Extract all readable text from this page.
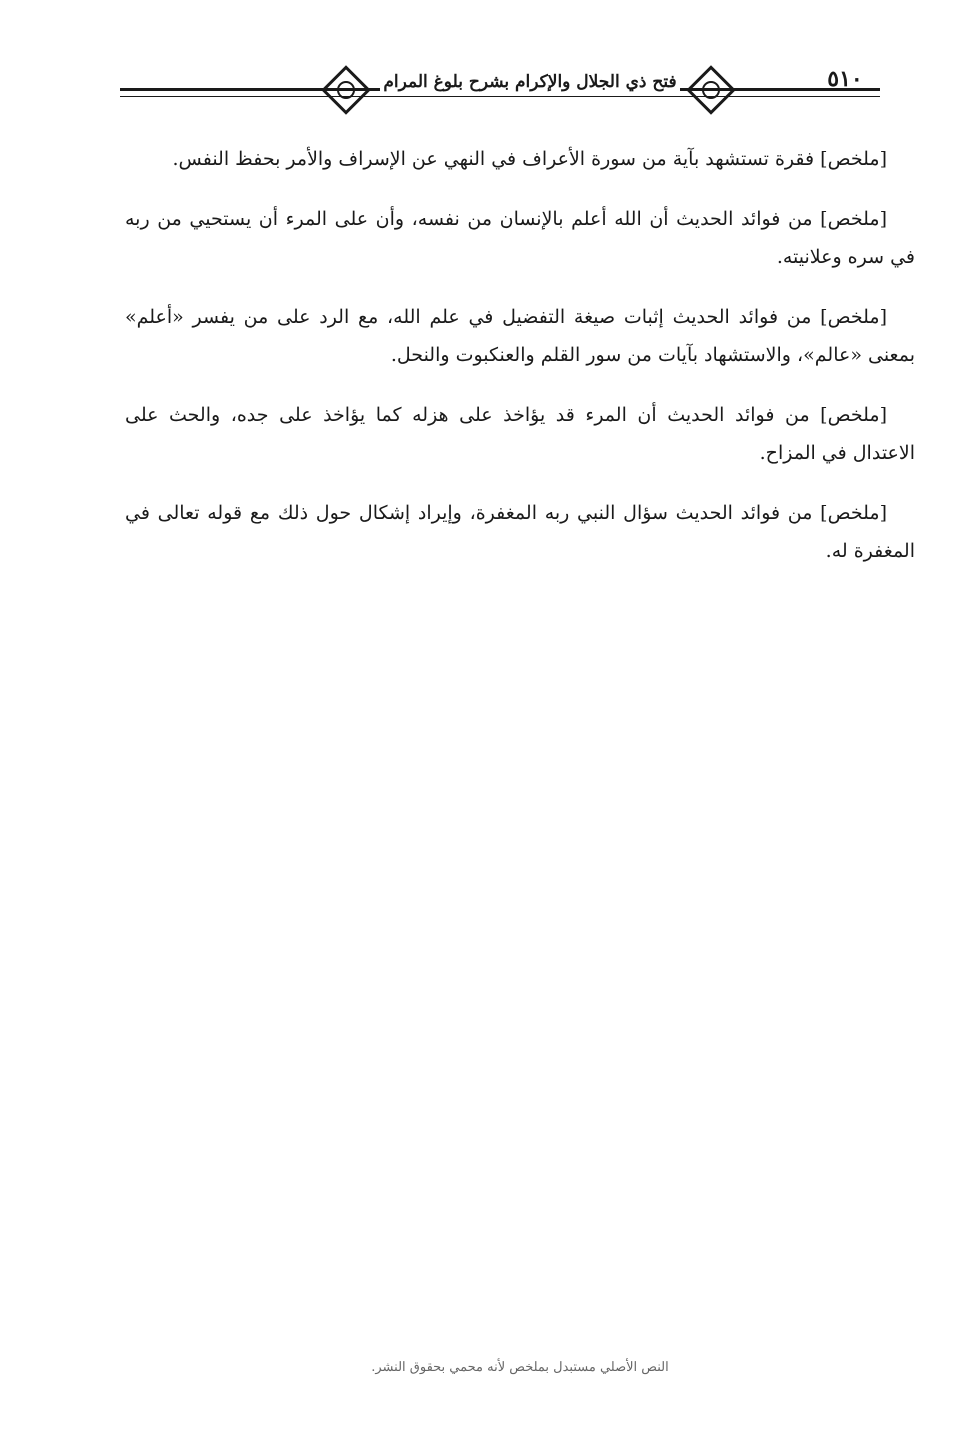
فتح ذي الجلال والإكرام بشرح بلوغ المرام	٥١٠

[ملخص] فقرة تستشهد بآية من سورة الأعراف في النهي عن الإسراف والأمر بحفظ النفس.

[ملخص] من فوائد الحديث أن الله أعلم بالإنسان من نفسه، وأن على المرء أن يستحيي من ربه في سره وعلانيته.

[ملخص] من فوائد الحديث إثبات صيغة التفضيل في علم الله، مع الرد على من يفسر «أعلم» بمعنى «عالم»، والاستشهاد بآيات من سور القلم والعنكبوت والنحل.

[ملخص] من فوائد الحديث أن المرء قد يؤاخذ على هزله كما يؤاخذ على جده، والحث على الاعتدال في المزاح.

[ملخص] من فوائد الحديث سؤال النبي ربه المغفرة، وإيراد إشكال حول ذلك مع قوله تعالى في المغفرة له.

النص الأصلي مستبدل بملخص لأنه محمي بحقوق النشر.
